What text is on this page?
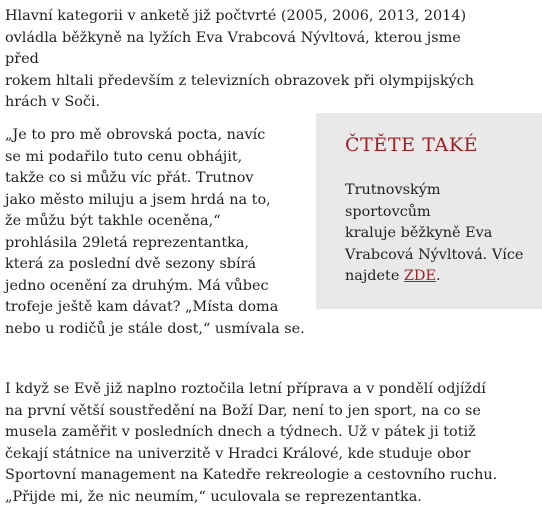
Hlavní kategorii v anketě již počtvrté (2005, 2006, 2013, 2014)
ovládla běžkyně na lyžích Eva Vrabcová Nývltová, kterou jsme před
rokem hltali především z televizních obrazovek při olympijských
hrách v Soči.

„Je to pro mě obrovská pocta, navíc
se mi podařilo tuto cenu obhájit,
takže co si můžu víc přát. Trutnov
jako město miluju a jsem hrdá na to,
že můžu být takhle oceněna,“
prohlásila 29letá reprezentantka,
která za poslední dvě sezony sbírá
jedno ocenění za druhým. Má vůbec
trofeje ještě kam dávat? „Místa doma
nebo u rodičů je stále dost,“ usmívala se.

ČTĚTE TAKÉ

Trutnovským sportovcům
kraluje běžkyně Eva
Vrabcová Nývltová. Více
najdete ZDE.

I když se Evě již naplno roztočila letní příprava a v pondělí odjíždí
na první větší soustředění na Boží Dar, není to jen sport, na co se
musela zaměřit v posledních dnech a týdnech. Už v pátek ji totiž
čekají státnice na univerzitě v Hradci Králové, kde studuje obor
Sportovní management na Katedře rekreologie a cestovního ruchu.
„Přijde mi, že nic neumím,“ uculovala se reprezentantka.
